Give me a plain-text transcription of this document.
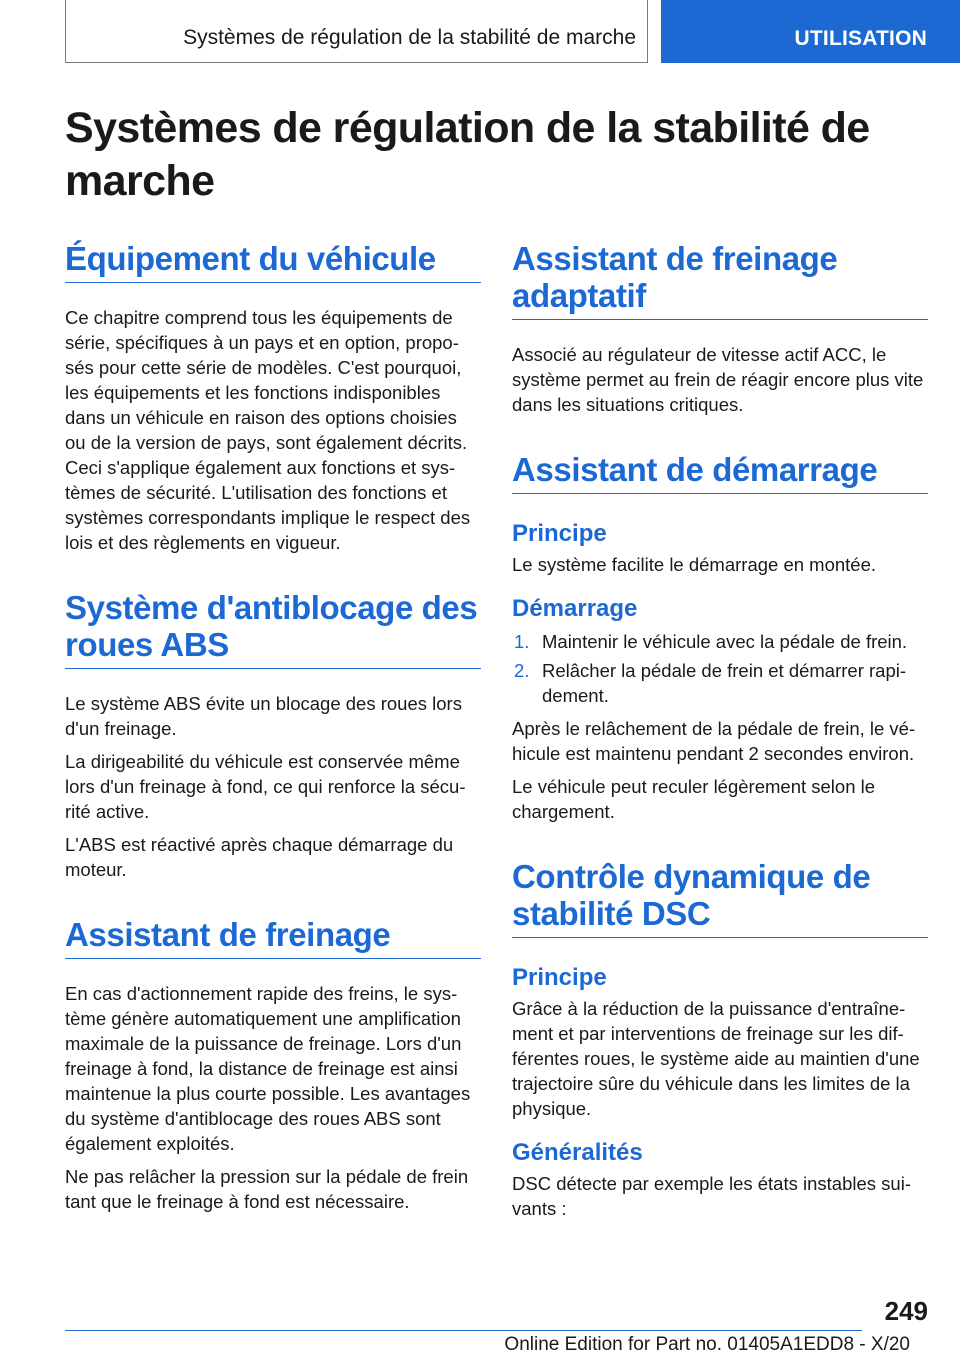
Systèmes de régulation de la stabilité de marche	UTILISATION
Systèmes de régulation de la stabilité de marche
Équipement du véhicule

Ce chapitre comprend tous les équipements de série, spécifiques à un pays et en option, propo-sés pour cette série de modèles. C'est pourquoi, les équipements et les fonctions indisponibles dans un véhicule en raison des options choisies ou de la version de pays, sont également décrits. Ceci s'applique également aux fonctions et sys-tèmes de sécurité. L'utilisation des fonctions et systèmes correspondants implique le respect des lois et des règlements en vigueur.

Système d'antiblocage des roues ABS

Le système ABS évite un blocage des roues lors d'un freinage.

La dirigeabilité du véhicule est conservée même lors d'un freinage à fond, ce qui renforce la sécu-rité active.

L'ABS est réactivé après chaque démarrage du moteur.

Assistant de freinage

En cas d'actionnement rapide des freins, le sys-tème génère automatiquement une amplification maximale de la puissance de freinage. Lors d'un freinage à fond, la distance de freinage est ainsi maintenue la plus courte possible. Les avantages du système d'antiblocage des roues ABS sont également exploités.

Ne pas relâcher la pression sur la pédale de frein tant que le freinage à fond est nécessaire.

Assistant de freinage adaptatif

Associé au régulateur de vitesse actif ACC, le système permet au frein de réagir encore plus vite dans les situations critiques.

Assistant de démarrage
Principe

Le système facilite le démarrage en montée.

Démarrage
1. Maintenir le véhicule avec la pédale de frein.
2. Relâcher la pédale de frein et démarrer rapi-dement.

Après le relâchement de la pédale de frein, le vé-hicule est maintenu pendant 2 secondes environ.

Le véhicule peut reculer légèrement selon le chargement.

Contrôle dynamique de stabilité DSC
Principe

Grâce à la réduction de la puissance d'entraîne-ment et par interventions de freinage sur les dif-férentes roues, le système aide au maintien d'une trajectoire sûre du véhicule dans les limites de la physique.

Généralités

DSC détecte par exemple les états instables sui-vants :

249
Online Edition for Part no. 01405A1EDD8 - X/20
